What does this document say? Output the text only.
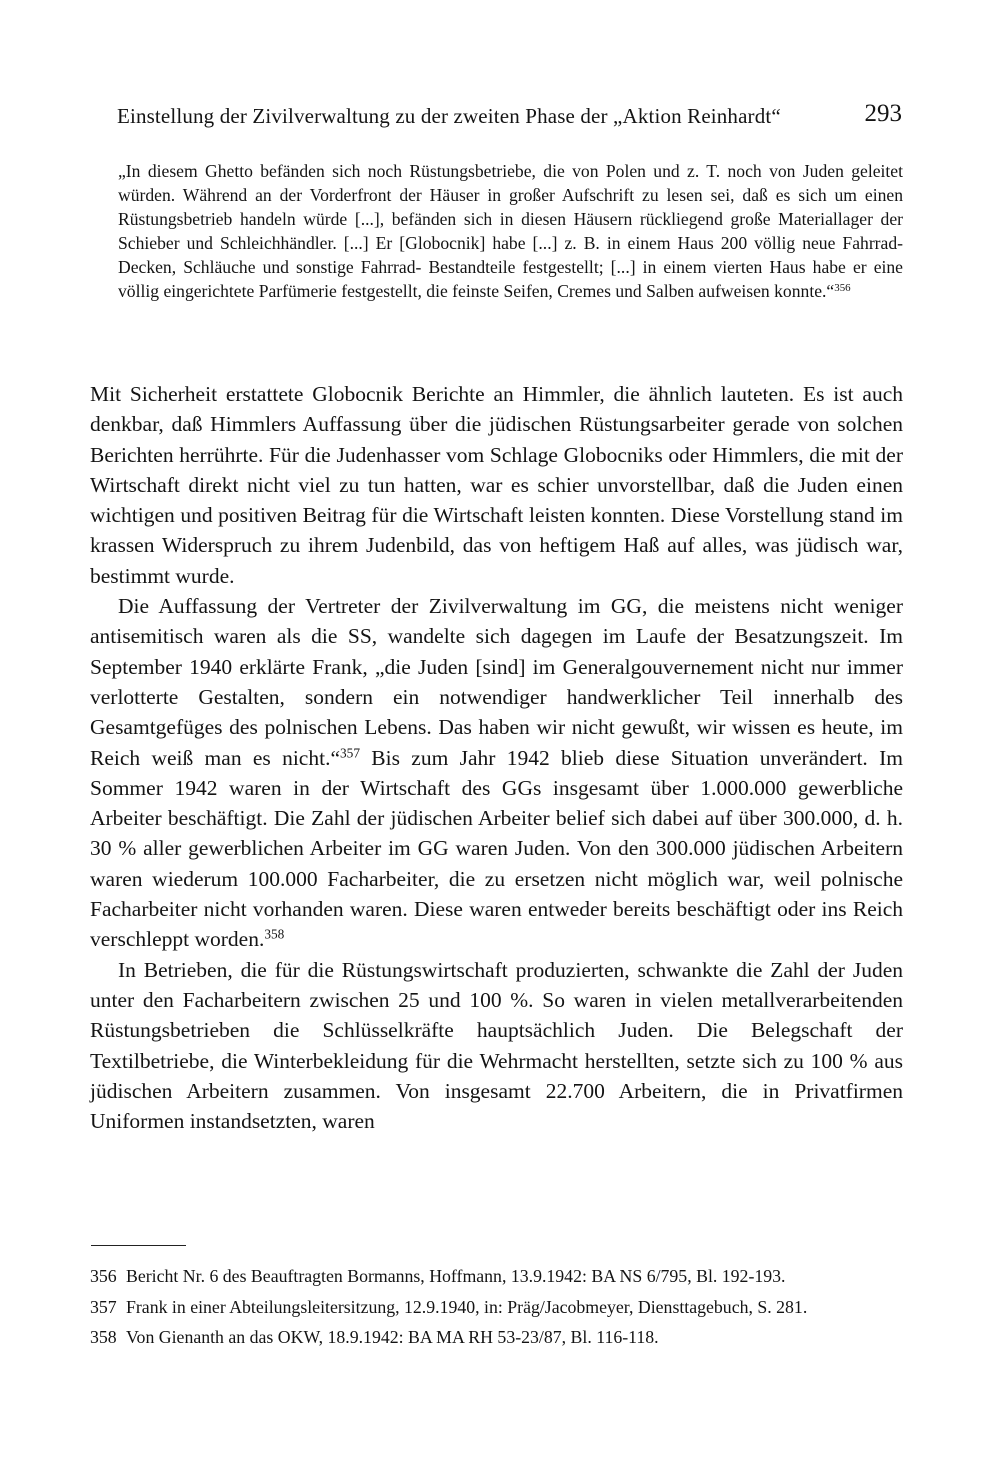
Einstellung der Zivilverwaltung zu der zweiten Phase der „Aktion Reinhardt“	293

„In diesem Ghetto befänden sich noch Rüstungsbetriebe, die von Polen und z. T. noch von Juden geleitet würden. Während an der Vorderfront der Häuser in großer Aufschrift zu lesen sei, daß es sich um einen Rüstungsbetrieb handeln würde [...], befänden sich in diesen Häusern rückliegend große Materiallager der Schieber und Schleichhändler. [...] Er [Globocnik] habe [...] z. B. in einem Haus 200 völlig neue Fahrrad-Decken, Schläuche und sonstige Fahrrad- Bestandteile festgestellt; [...] in einem vierten Haus habe er eine völlig eingerichtete Parfümerie festgestellt, die feinste Seifen, Cremes und Salben aufweisen konnte.“$^{356}$

Mit Sicherheit erstattete Globocnik Berichte an Himmler, die ähnlich lauteten. Es ist auch denkbar, daß Himmlers Auffassung über die jüdischen Rüstungsarbeiter gerade von solchen Berichten herrührte. Für die Judenhasser vom Schlage Globocniks oder Himmlers, die mit der Wirtschaft direkt nicht viel zu tun hatten, war es schier unvorstellbar, daß die Juden einen wichtigen und positiven Beitrag für die Wirtschaft leisten konnten. Diese Vorstellung stand im krassen Widerspruch zu ihrem Judenbild, das von heftigem Haß auf alles, was jüdisch war, bestimmt wurde.

Die Auffassung der Vertreter der Zivilverwaltung im GG, die meistens nicht weniger antisemitisch waren als die SS, wandelte sich dagegen im Laufe der Besatzungszeit. Im September 1940 erklärte Frank, „die Juden [sind] im Generalgouvernement nicht nur immer verlotterte Gestalten, sondern ein notwendiger handwerklicher Teil innerhalb des Gesamtgefüges des polnischen Lebens. Das haben wir nicht gewußt, wir wissen es heute, im Reich weiß man es nicht.“$^{357}$ Bis zum Jahr 1942 blieb diese Situation unverändert. Im Sommer 1942 waren in der Wirtschaft des GGs insgesamt über 1.000.000 gewerbliche Arbeiter beschäftigt. Die Zahl der jüdischen Arbeiter belief sich dabei auf über 300.000, d. h. 30 % aller gewerblichen Arbeiter im GG waren Juden. Von den 300.000 jüdischen Arbeitern waren wiederum 100.000 Facharbeiter, die zu ersetzen nicht möglich war, weil polnische Facharbeiter nicht vorhanden waren. Diese waren entweder bereits beschäftigt oder ins Reich verschleppt worden.$^{358}$

In Betrieben, die für die Rüstungswirtschaft produzierten, schwankte die Zahl der Juden unter den Facharbeitern zwischen 25 und 100 %. So waren in vielen metallverarbeitenden Rüstungsbetrieben die Schlüsselkräfte hauptsächlich Juden. Die Belegschaft der Textilbetriebe, die Winterbekleidung für die Wehrmacht herstellten, setzte sich zu 100 % aus jüdischen Arbeitern zusammen. Von insgesamt 22.700 Arbeitern, die in Privatfirmen Uniformen instandsetzten, waren

356 Bericht Nr. 6 des Beauftragten Bormanns, Hoffmann, 13.9.1942: BA NS 6/795, Bl. 192-193.
357 Frank in einer Abteilungsleitersitzung, 12.9.1940, in: Präg/Jacobmeyer, Diensttagebuch, S. 281.
358 Von Gienanth an das OKW, 18.9.1942: BA MA RH 53-23/87, Bl. 116-118.
